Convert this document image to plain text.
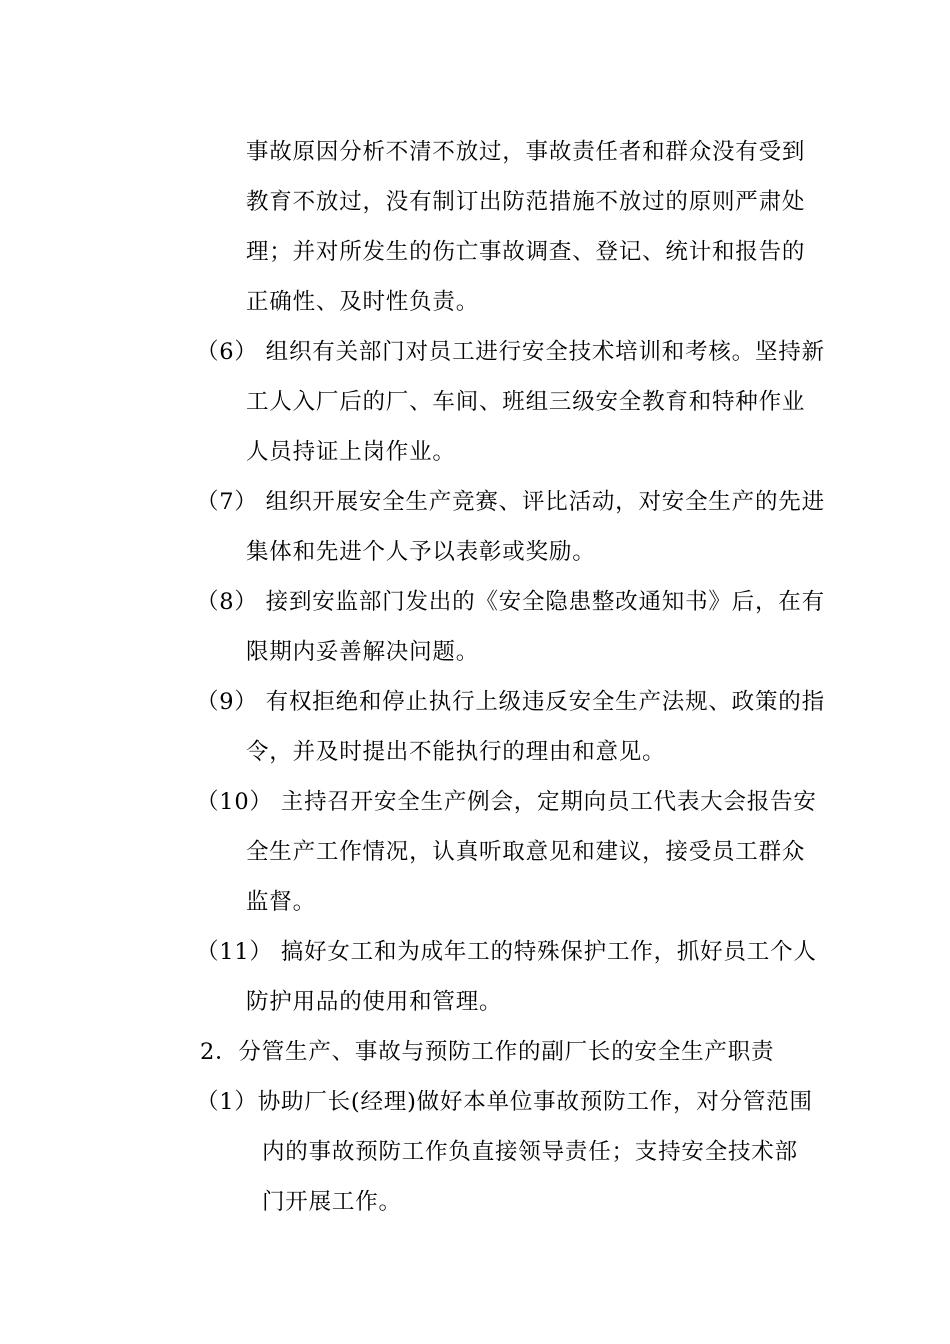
事故原因分析不清不放过，事故责任者和群众没有受到
教育不放过，没有制订出防范措施不放过的原则严肃处
理；并对所发生的伤亡事故调查、登记、统计和报告的
正确性、及时性负责。
（6） 组织有关部门对员工进行安全技术培训和考核。坚持新
工人入厂后的厂、车间、班组三级安全教育和特种作业
人员持证上岗作业。
（7） 组织开展安全生产竞赛、评比活动，对安全生产的先进
集体和先进个人予以表彰或奖励。
（8） 接到安监部门发出的《安全隐患整改通知书》后，在有
限期内妥善解决问题。
（9） 有权拒绝和停止执行上级违反安全生产法规、政策的指
令，并及时提出不能执行的理由和意见。
（10） 主持召开安全生产例会，定期向员工代表大会报告安
全生产工作情况，认真听取意见和建议，接受员工群众
监督。
（11） 搞好女工和为成年工的特殊保护工作，抓好员工个人
防护用品的使用和管理。
2．分管生产、事故与预防工作的副厂长的安全生产职责
（1）协助厂长(经理)做好本单位事故预防工作，对分管范围
内的事故预防工作负直接领导责任；支持安全技术部
门开展工作。
